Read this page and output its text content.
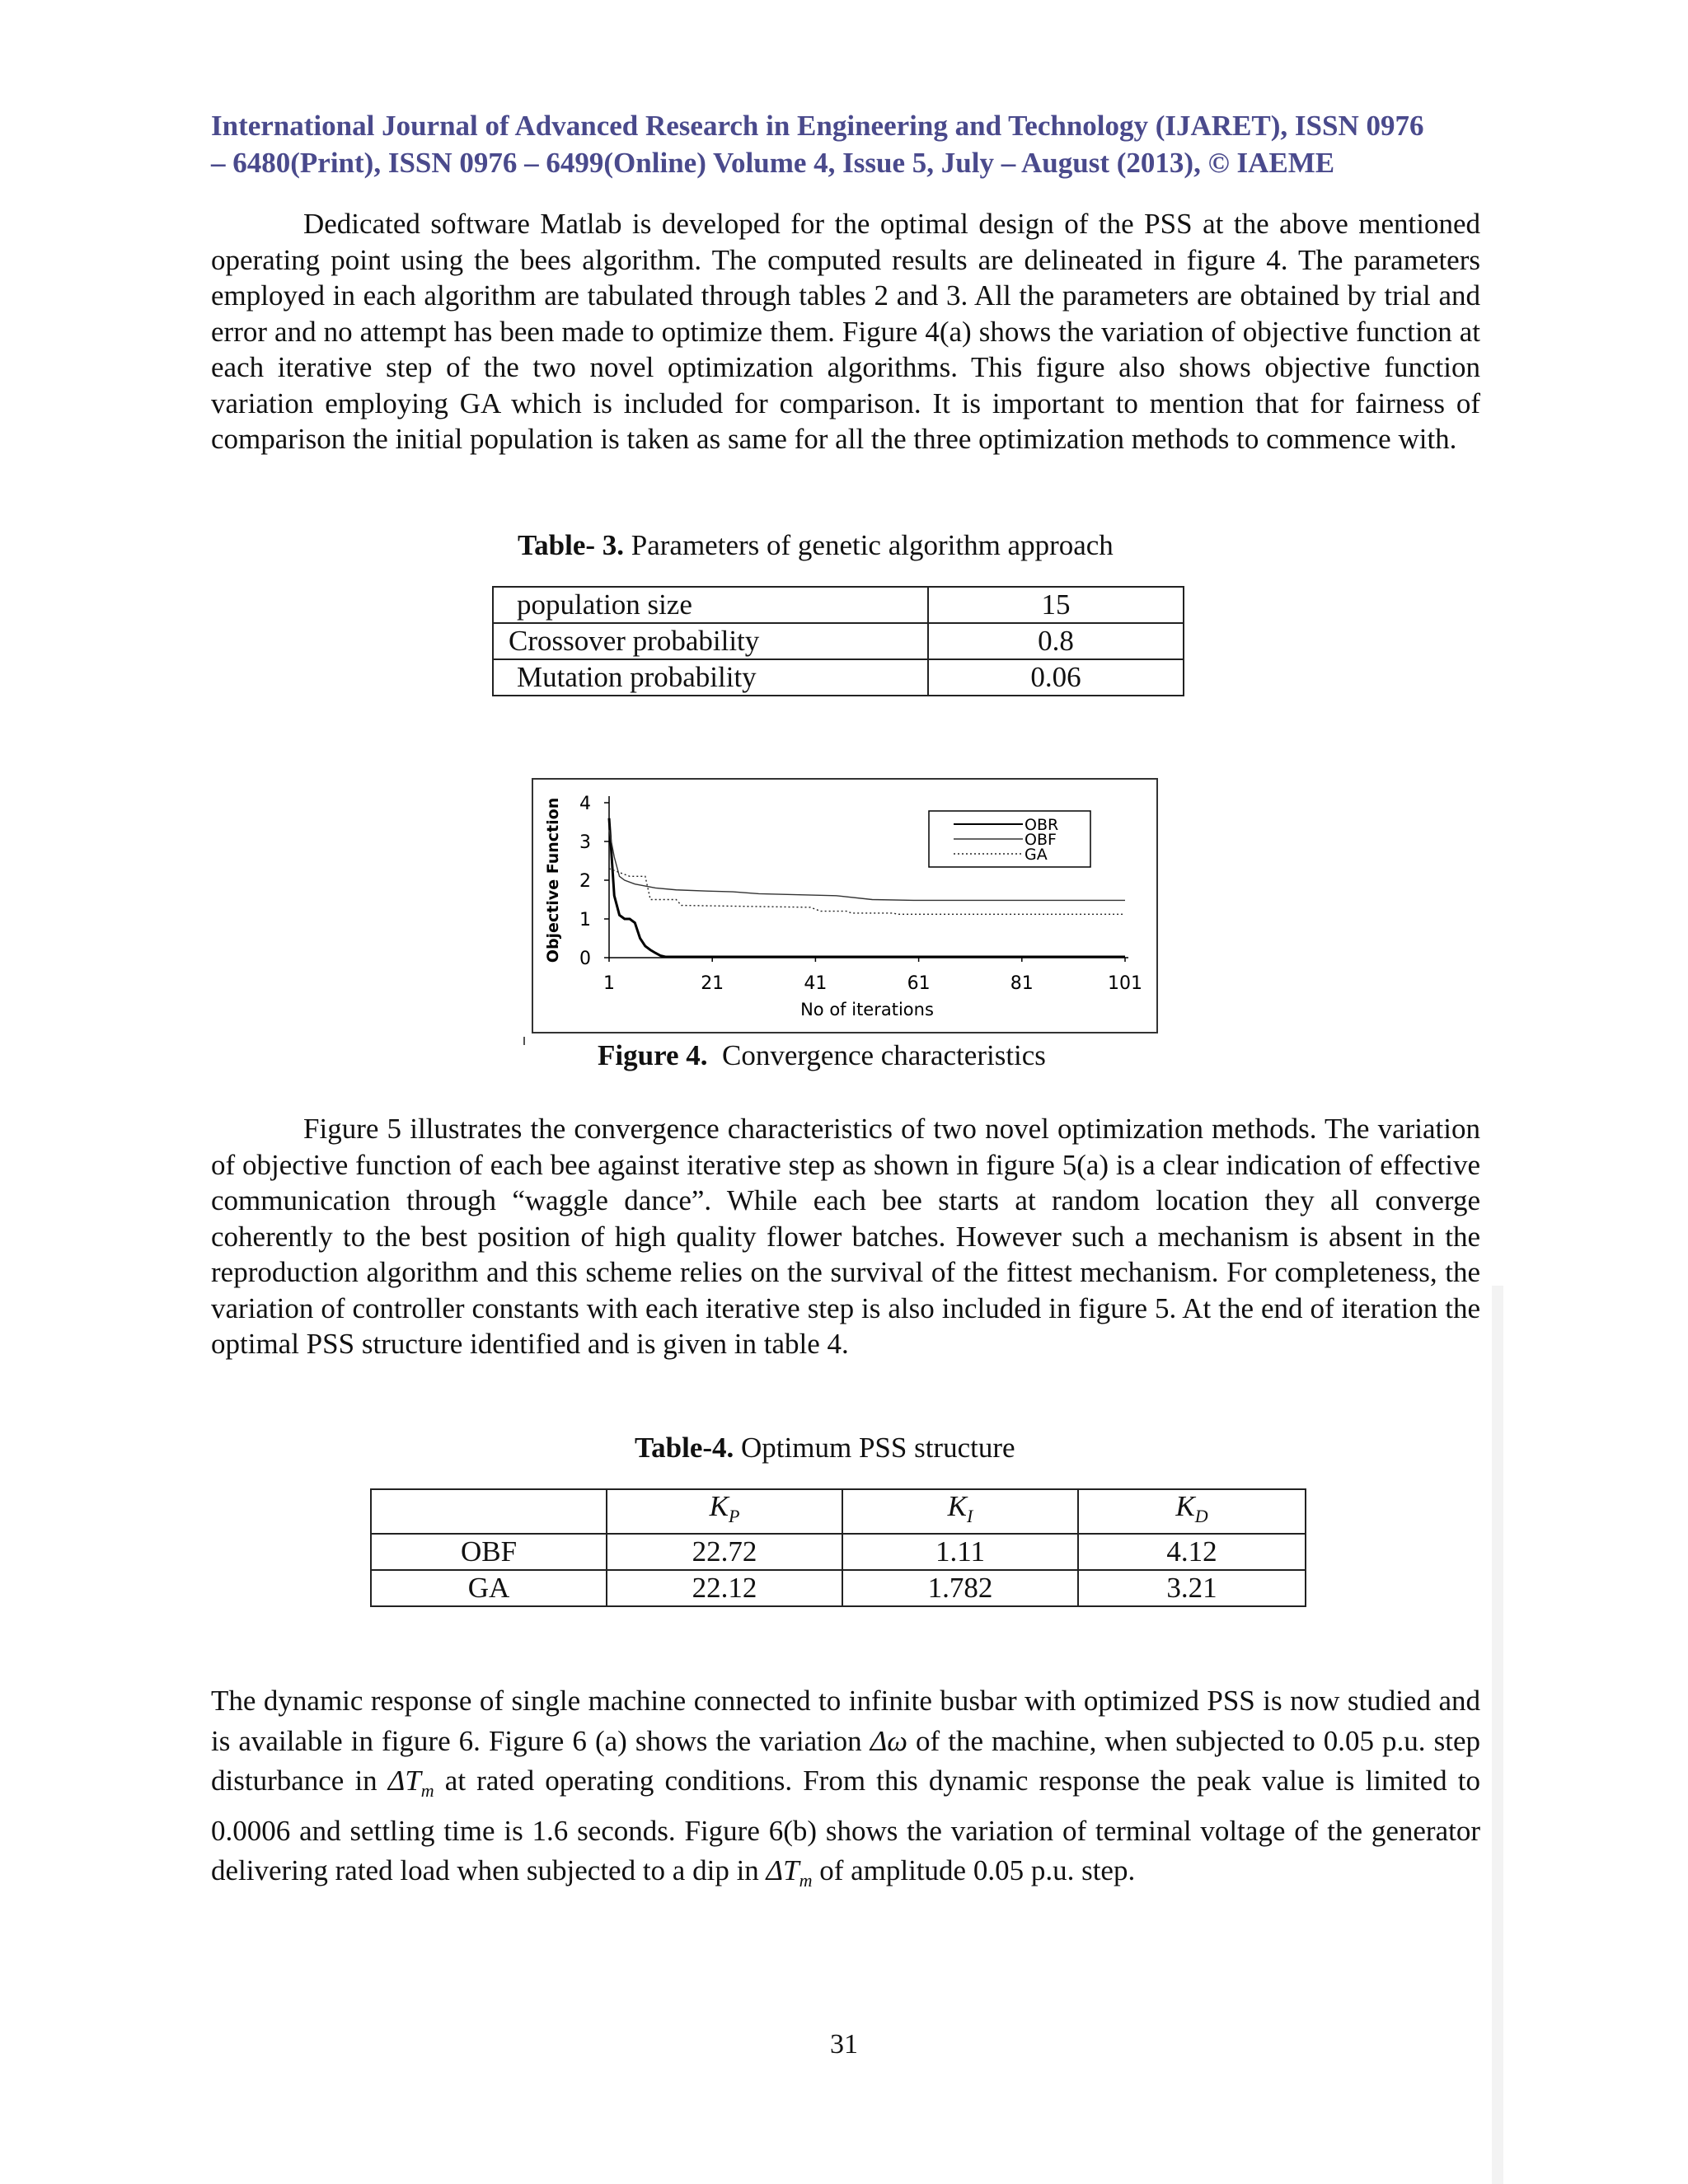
International Journal of Advanced Research in Engineering and Technology (IJARET), ISSN 0976
– 6480(Print), ISSN 0976 – 6499(Online) Volume 4, Issue 5, July – August (2013), © IAEME
Dedicated software Matlab is developed for the optimal design of the PSS at the above mentioned operating point using the bees algorithm. The computed results are delineated in figure 4. The parameters employed in each algorithm are tabulated through tables 2 and 3. All the parameters are obtained by trial and error and no attempt has been made to optimize them. Figure 4(a) shows the variation of objective function at each iterative step of the two novel optimization algorithms. This figure also shows objective function variation employing GA which is included for comparison. It is important to mention that for fairness of comparison the initial population is taken as same for all the three optimization methods to commence with.
Table- 3. Parameters of genetic algorithm approach
population size	15
Crossover probability	0.8
Mutation probability	0.06
0
1
2
3
4
1	21	41	61	81	101
No of iterations
Objective Function	OBR
OBF
GA
Figure 4.  Convergence characteristics
Figure 5 illustrates the convergence characteristics of two novel optimization methods. The variation of objective function of each bee against iterative step as shown in figure 5(a) is a clear indication of effective communication through “waggle dance”. While each bee starts at random location they all converge coherently to the best position of high quality flower batches. However such a mechanism is absent in the reproduction algorithm and this scheme relies on the survival of the fittest mechanism. For completeness, the variation of controller constants with each iterative step is also included in figure 5. At the end of iteration the optimal PSS structure identified and is given in table 4.
Table-4. Optimum PSS structure
	$K_P$	$K_I$	$K_D$
OBF	22.72	1.11	4.12
GA	22.12	1.782	3.21
The dynamic response of single machine connected to infinite busbar with optimized PSS is now studied and is available in figure 6. Figure 6 (a) shows the variation Δω of the machine, when subjected to 0.05 p.u. step disturbance in $\Delta T_m$ at rated operating conditions. From this dynamic response the peak value is limited to 0.0006 and settling time is 1.6 seconds. Figure 6(b) shows the variation of terminal voltage of the generator delivering rated load when subjected to a dip in $\Delta T_m$ of amplitude 0.05 p.u. step.
31
